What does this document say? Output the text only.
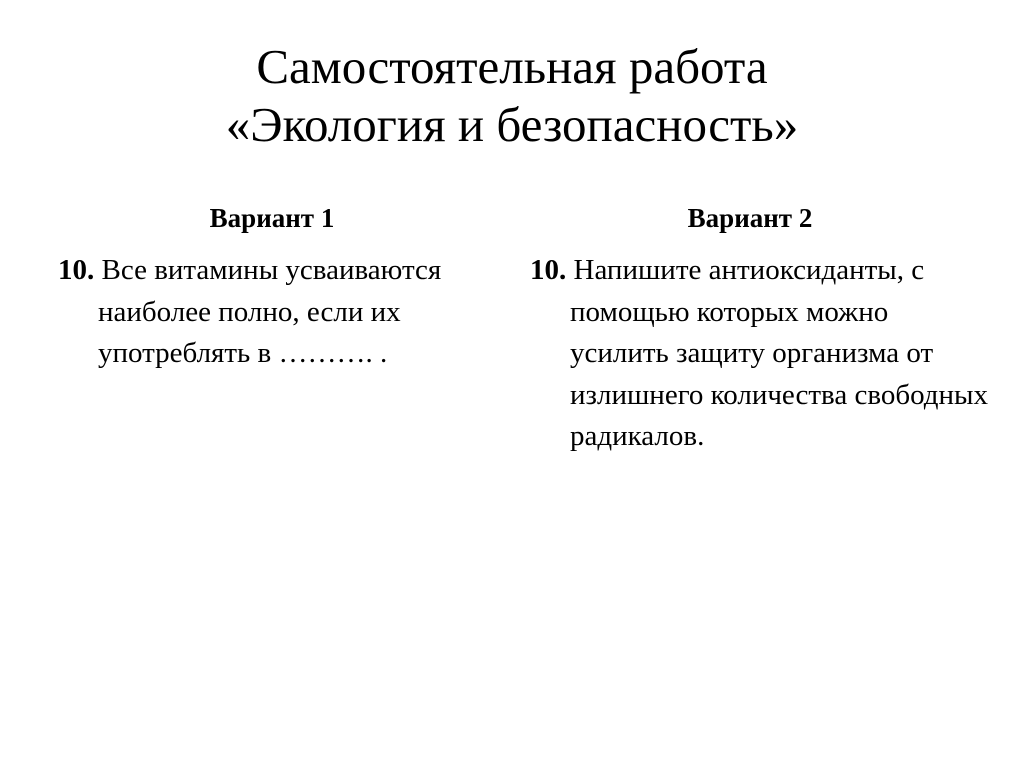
Самостоятельная работа
«Экология и безопасность»
Вариант 1

10. Все витамины усваиваются наиболее полно, если их употреблять в ………. .

Вариант 2

10. Напишите антиоксиданты, с помощью которых можно усилить защиту организма от излишнего количества свободных радикалов.
